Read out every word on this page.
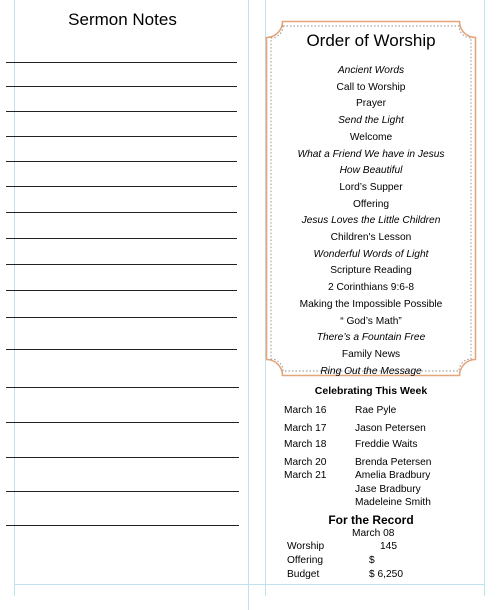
Sermon Notes
Order of Worship
Ancient Words
Call to Worship
Prayer
Send the Light
Welcome
What a Friend We have in Jesus
How Beautiful
Lord’s Supper
Offering
Jesus Loves the Little Children
Children's Lesson
Wonderful Words of Light
Scripture Reading
2 Corinthians 9:6-8
Making the Impossible Possible
“ God’s Math”
There’s a Fountain Free
Family News
Ring Out the Message
Celebrating This Week
March 16	Rae Pyle
March 17	Jason Petersen
March 18	Freddie Waits
March 20	Brenda Petersen
March 21	Amelia Bradbury
Jase Bradbury
Madeleine Smith
For the Record
March 08
Worship	145
Offering	$
Budget	$ 6,250
